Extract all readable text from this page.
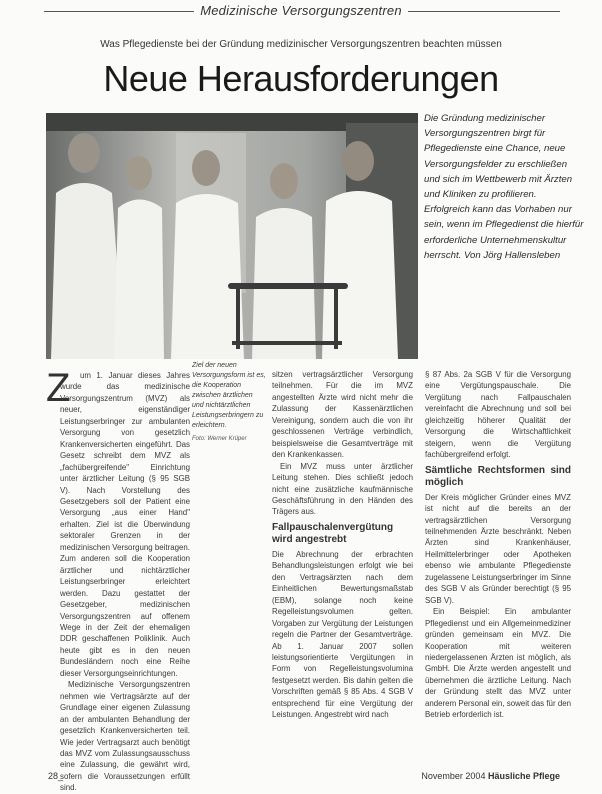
Medizinische Versorgungszentren
Was Pflegedienste bei der Gründung medizinischer Versorgungszentren beachten müssen
Neue Herausforderungen

Die Gründung medizinischer Versorgungszentren birgt für Pflegedienste eine Chance, neue Versorgungsfelder zu erschließen und sich im Wettbewerb mit Ärzten und Kliniken zu profilieren. Erfolgreich kann das Vorhaben nur sein, wenn im Pflegedienst die hierfür erforderliche Unternehmenskultur herrscht. Von Jörg Hallensleben

Ziel der neuen Versorgungsform ist es, die Kooperation zwischen ärztlichen und nichtärztlichen Leistungserbringern zu erleichtern.
Foto: Werner Krüper
Z	um 1. Januar dieses Jahres wurde das medizinische Versorgungszentrum (MVZ) als neuer, eigenständiger Leistungserbringer zur ambulanten Versorgung von gesetzlich Krankenversicherten eingeführt. Das Gesetz schreibt dem MVZ als „fachübergreifende" Einrichtung unter ärztlicher Leitung (§ 95 SGB V). Nach Vorstellung des Gesetzgebers soll der Patient eine Versorgung „aus einer Hand" erhalten. Ziel ist die Überwindung sektoraler Grenzen in der medizinischen Versorgung beitragen. Zum anderen soll die Kooperation ärztlicher und nichtärztlicher Leistungserbringer erleichtert werden. Dazu gestattet der Gesetzgeber, medizinischen Versorgungszentren auf offenem Wege in der Zeit der ehemaligen DDR geschaffenen Poliklinik. Auch heute gibt es in den neuen Bundesländern noch eine Reihe dieser Versorgungseinrichtungen.

Medizinische Versorgungszentren nehmen wie Vertragsärzte auf der Grundlage einer eigenen Zulassung an der ambulanten Behandlung der gesetzlich Krankenversicherten teil. Wie jeder Vertragsarzt auch benötigt das MVZ vom Zulassungsausschuss eine Zulassung, die gewährt wird, sofern die Voraussetzungen erfüllt sind.

sitzen vertragsärztlicher Versorgung teilnehmen. Für die im MVZ angestellten Ärzte wird nicht mehr die Zulassung der Kassenärztlichen Vereinigung, sondern auch die von ihr geschlossenen Verträge verbindlich, beispielsweise die Gesamtverträge mit den Krankenkassen.

Ein MVZ muss unter ärztlicher Leitung stehen. Dies schließt jedoch nicht eine zusätzliche kaufmännische Geschäftsführung in den Händen des Trägers aus.

Fallpauschalenvergütung wird angestrebt

Die Abrechnung der erbrachten Behandlungsleistungen erfolgt wie bei den Vertragsärzten nach dem Einheitlichen Bewertungsmaßstab (EBM), solange noch keine Regelleistungsvolumen gelten. Vorgaben zur Vergütung der Leistungen regeln die Partner der Gesamtverträge. Ab 1. Januar 2007 sollen leistungsorientierte Vergütungen in Form von Regelleistungsvolumina festgesetzt werden. Bis dahin gelten die Vorschriften gemäß § 85 Abs. 4 SGB V entsprechend für eine Vergütung der Leistungen. Angestrebt wird nach

§ 87 Abs. 2a SGB V für die Versorgung eine Vergütungspauschale. Die Vergütung nach Fallpauschalen vereinfacht die Abrechnung und soll bei gleichzeitig höherer Qualität der Versorgung die Wirtschaftlichkeit steigern, wenn die Vergütung fachübergreifend erfolgt.

Sämtliche Rechtsformen sind möglich

Der Kreis möglicher Gründer eines MVZ ist nicht auf die bereits an der vertragsärztlichen Versorgung teilnehmenden Ärzte beschränkt. Neben Ärzten sind Krankenhäuser, Heilmittelerbringer oder Apotheken ebenso wie ambulante Pflegedienste zugelassene Leistungserbringer im Sinne des SGB V als Gründer berechtigt (§ 95 SGB V).

Ein Beispiel: Ein ambulanter Pflegedienst und ein Allgemeinmediziner gründen gemeinsam ein MVZ. Die Kooperation mit weiteren niedergelassenen Ärzten ist möglich, als GmbH. Die Ärzte werden angestellt und übernehmen die ärztliche Leitung. Nach der Gründung stellt das MVZ unter anderem Personal ein, soweit das für den Betrieb erforderlich ist.

28_	November 2004 Häusliche Pflege
